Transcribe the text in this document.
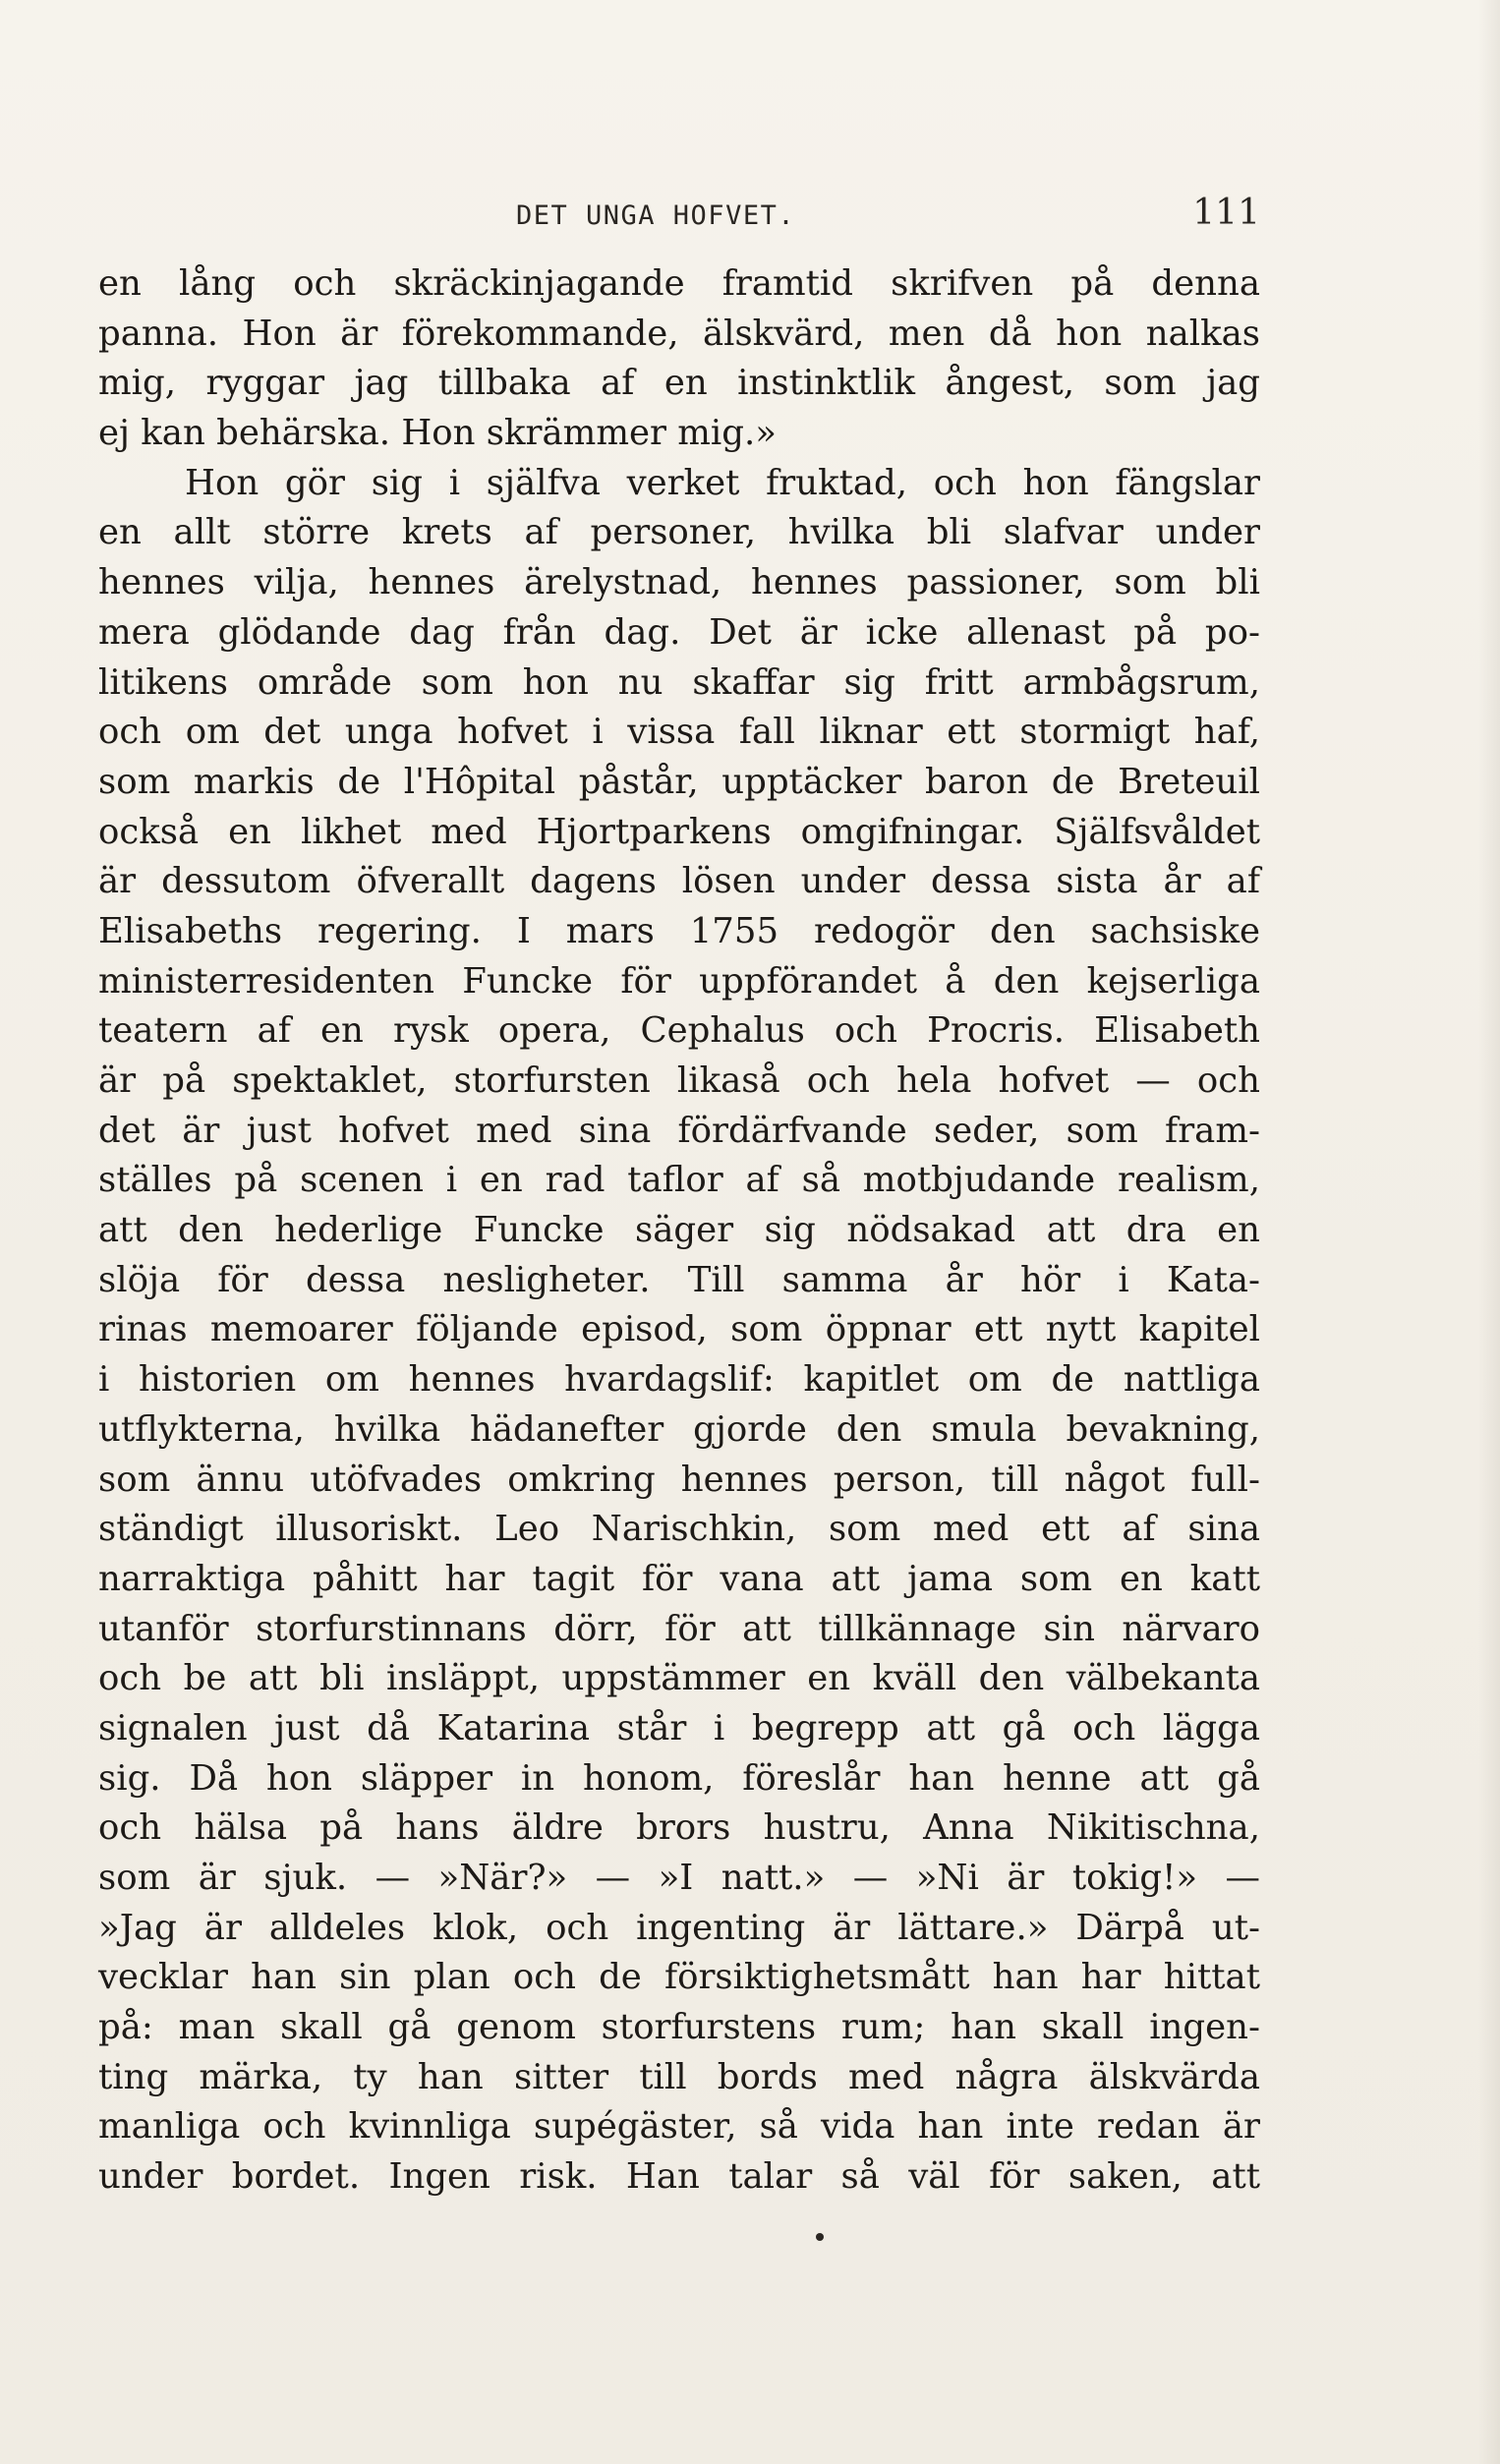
DET UNGA HOFVET.	111
en lång och skräckinjagande framtid skrifven på denna
panna. Hon är förekommande, älskvärd, men då hon nalkas
mig, ryggar jag tillbaka af en instinktlik ångest, som jag
ej kan behärska. Hon skrämmer mig.»
Hon gör sig i själfva verket fruktad, och hon fängslar
en allt större krets af personer, hvilka bli slafvar under
hennes vilja, hennes ärelystnad, hennes passioner, som bli
mera glödande dag från dag. Det är icke allenast på po-
litikens område som hon nu skaffar sig fritt armbågsrum,
och om det unga hofvet i vissa fall liknar ett stormigt haf,
som markis de l'Hôpital påstår, upptäcker baron de Breteuil
också en likhet med Hjortparkens omgifningar. Själfsvåldet
är dessutom öfverallt dagens lösen under dessa sista år af
Elisabeths regering. I mars 1755 redogör den sachsiske
ministerresidenten Funcke för uppförandet å den kejserliga
teatern af en rysk opera, Cephalus och Procris. Elisabeth
är på spektaklet, storfursten likaså och hela hofvet — och
det är just hofvet med sina fördärfvande seder, som fram-
ställes på scenen i en rad taflor af så motbjudande realism,
att den hederlige Funcke säger sig nödsakad att dra en
slöja för dessa nesligheter. Till samma år hör i Kata-
rinas memoarer följande episod, som öppnar ett nytt kapitel
i historien om hennes hvardagslif: kapitlet om de nattliga
utflykterna, hvilka hädanefter gjorde den smula bevakning,
som ännu utöfvades omkring hennes person, till något full-
ständigt illusoriskt. Leo Narischkin, som med ett af sina
narraktiga påhitt har tagit för vana att jama som en katt
utanför storfurstinnans dörr, för att tillkännage sin närvaro
och be att bli insläppt, uppstämmer en kväll den välbekanta
signalen just då Katarina står i begrepp att gå och lägga
sig. Då hon släpper in honom, föreslår han henne att gå
och hälsa på hans äldre brors hustru, Anna Nikitischna,
som är sjuk. — »När?» — »I natt.» — »Ni är tokig!» —
»Jag är alldeles klok, och ingenting är lättare.» Därpå ut-
vecklar han sin plan och de försiktighetsmått han har hittat
på: man skall gå genom storfurstens rum; han skall ingen-
ting märka, ty han sitter till bords med några älskvärda
manliga och kvinnliga supégäster, så vida han inte redan är
under bordet. Ingen risk. Han talar så väl för saken, att
